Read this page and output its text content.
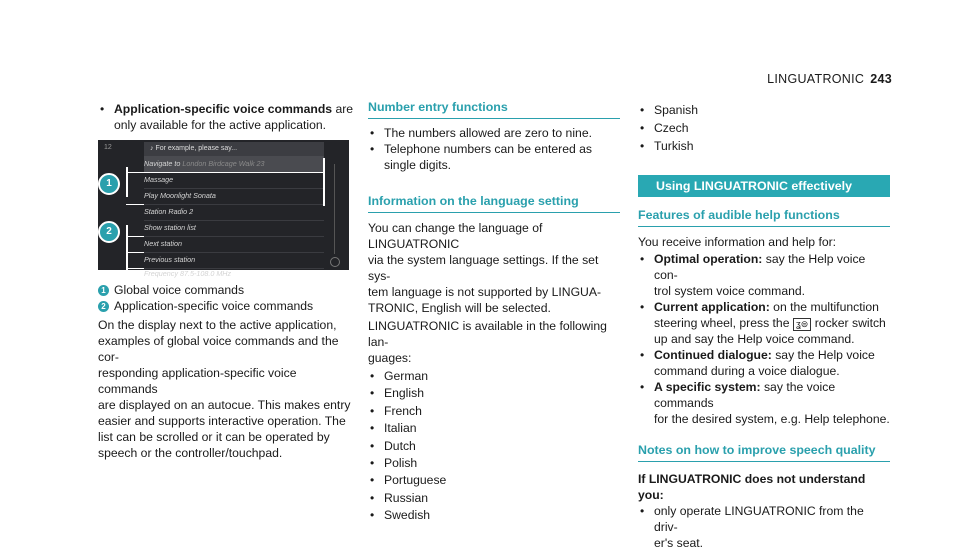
LINGUATRONIC 243
• Application-specific voice commands are only available for the active application.
12	♪ For example, please say...
Navigate to London Birdcage Walk 23
Massage
Play Moonlight Sonata
Station Radio 2
Show station list
Next station
Previous station
Frequency 87.5-108.0 MHz
1
2
1 Global voice commands
2 Application-specific voice commands
On the display next to the active application,
examples of global voice commands and the cor-
responding application-specific voice commands
are displayed on an autocue. This makes entry
easier and supports interactive operation. The
list can be scrolled or it can be operated by
speech or the controller/touchpad.
Number entry functions
• The numbers allowed are zero to nine.
• Telephone numbers can be entered as single digits.
Information on the language setting
You can change the language of LINGUATRONIC
via the system language settings. If the set sys-
tem language is not supported by LINGUA-
TRONIC, English will be selected.
LINGUATRONIC is available in the following lan-
guages:
• German
• English
• French
• Italian
• Dutch
• Polish
• Portuguese
• Russian
• Swedish
• Spanish
• Czech
• Turkish
Using LINGUATRONIC effectively
Features of audible help functions
You receive information and help for:
• Optimal operation: say the Help voice con-
trol system voice command.
• Current application: on the multifunction
steering wheel, press the ʓ⊜ rocker switch
up and say the Help voice command.
• Continued dialogue: say the Help voice
command during a voice dialogue.
• A specific system: say the voice commands
for the desired system, e.g. Help telephone.
Notes on how to improve speech quality
If LINGUATRONIC does not understand you:
• only operate LINGUATRONIC from the driv-
er's seat.
